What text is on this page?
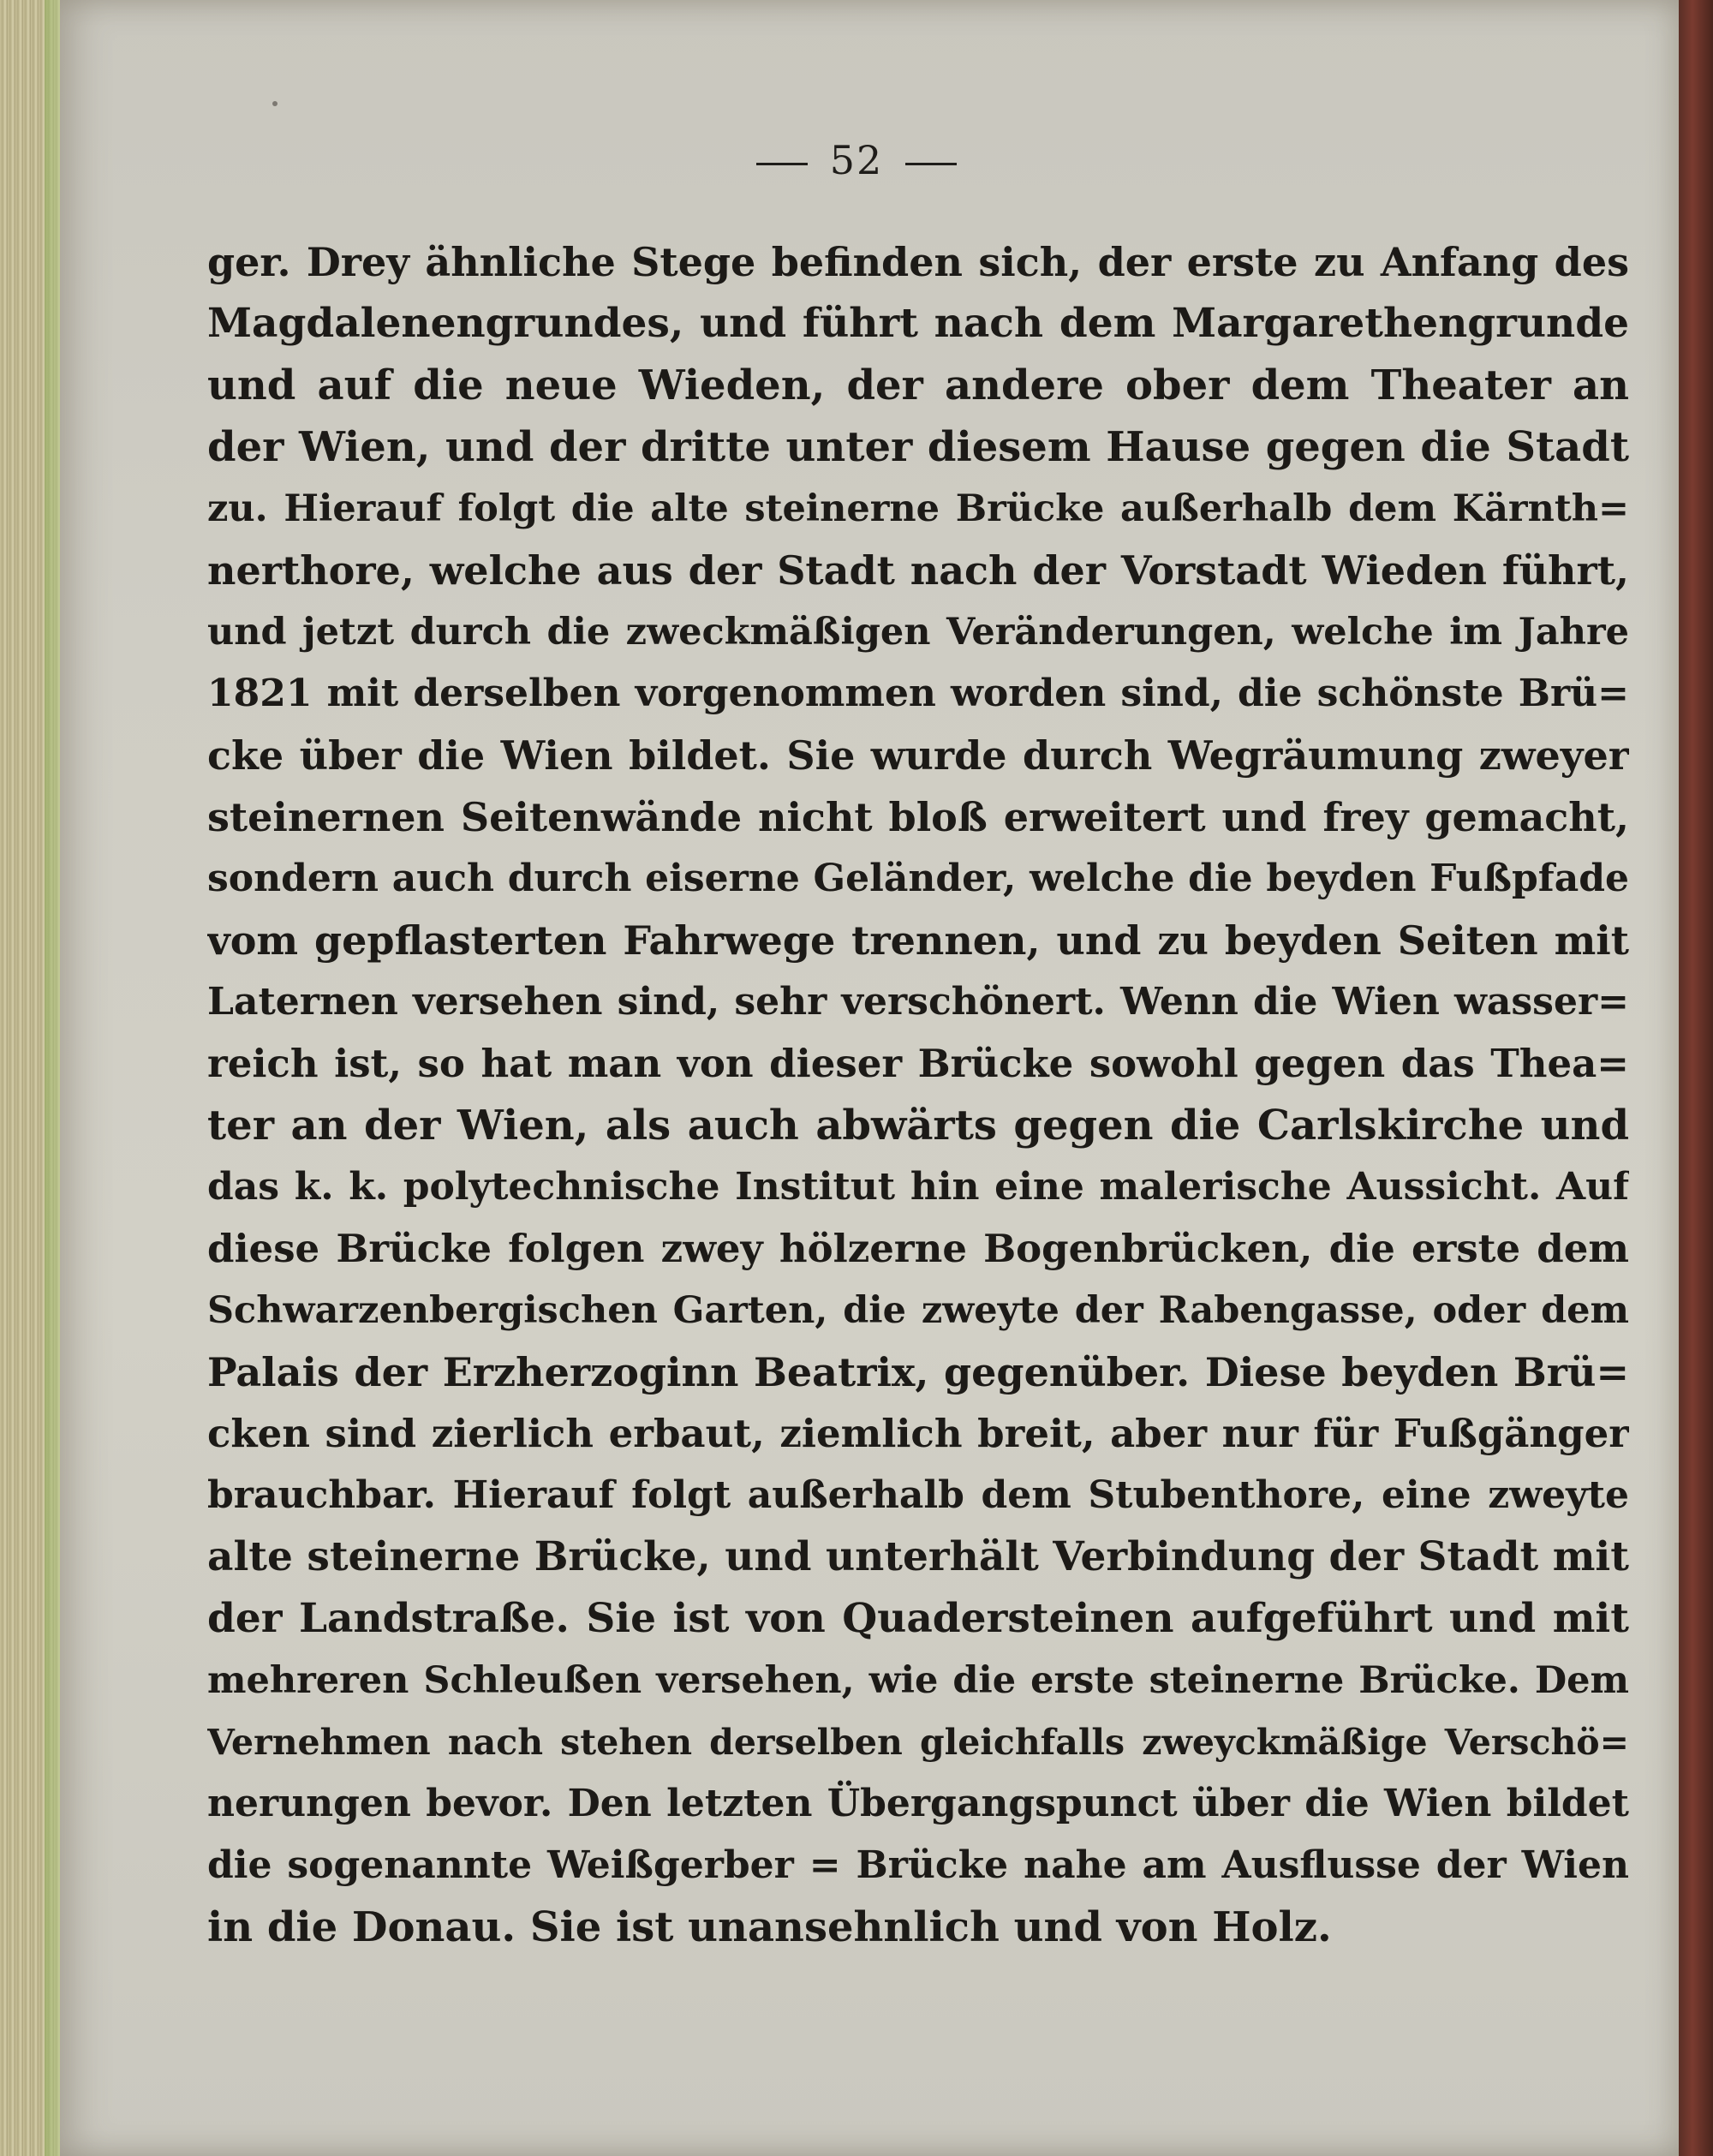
52
ger. Drey ähnliche Stege befinden sich, der erste zu Anfang des
Magdalenengrundes, und führt nach dem Margarethengrunde
und auf die neue Wieden, der andere ober dem Theater an
der Wien, und der dritte unter diesem Hause gegen die Stadt
zu. Hierauf folgt die alte steinerne Brücke außerhalb dem Kärnth=
nerthore, welche aus der Stadt nach der Vorstadt Wieden führt,
und jetzt durch die zweckmäßigen Veränderungen, welche im Jahre
1821 mit derselben vorgenommen worden sind, die schönste Brü=
cke über die Wien bildet. Sie wurde durch Wegräumung zweyer
steinernen Seitenwände nicht bloß erweitert und frey gemacht,
sondern auch durch eiserne Geländer, welche die beyden Fußpfade
vom gepflasterten Fahrwege trennen, und zu beyden Seiten mit
Laternen versehen sind, sehr verschönert. Wenn die Wien wasser=
reich ist, so hat man von dieser Brücke sowohl gegen das Thea=
ter an der Wien, als auch abwärts gegen die Carlskirche und
das k. k. polytechnische Institut hin eine malerische Aussicht. Auf
diese Brücke folgen zwey hölzerne Bogenbrücken, die erste dem
Schwarzenbergischen Garten, die zweyte der Rabengasse, oder dem
Palais der Erzherzoginn Beatrix, gegenüber. Diese beyden Brü=
cken sind zierlich erbaut, ziemlich breit, aber nur für Fußgänger
brauchbar. Hierauf folgt außerhalb dem Stubenthore, eine zweyte
alte steinerne Brücke, und unterhält Verbindung der Stadt mit
der Landstraße. Sie ist von Quadersteinen aufgeführt und mit
mehreren Schleußen versehen, wie die erste steinerne Brücke. Dem
Vernehmen nach stehen derselben gleichfalls zweyckmäßige Verschö=
nerungen bevor. Den letzten Übergangspunct über die Wien bildet
die sogenannte Weißgerber = Brücke nahe am Ausflusse der Wien
in die Donau. Sie ist unansehnlich und von Holz.
